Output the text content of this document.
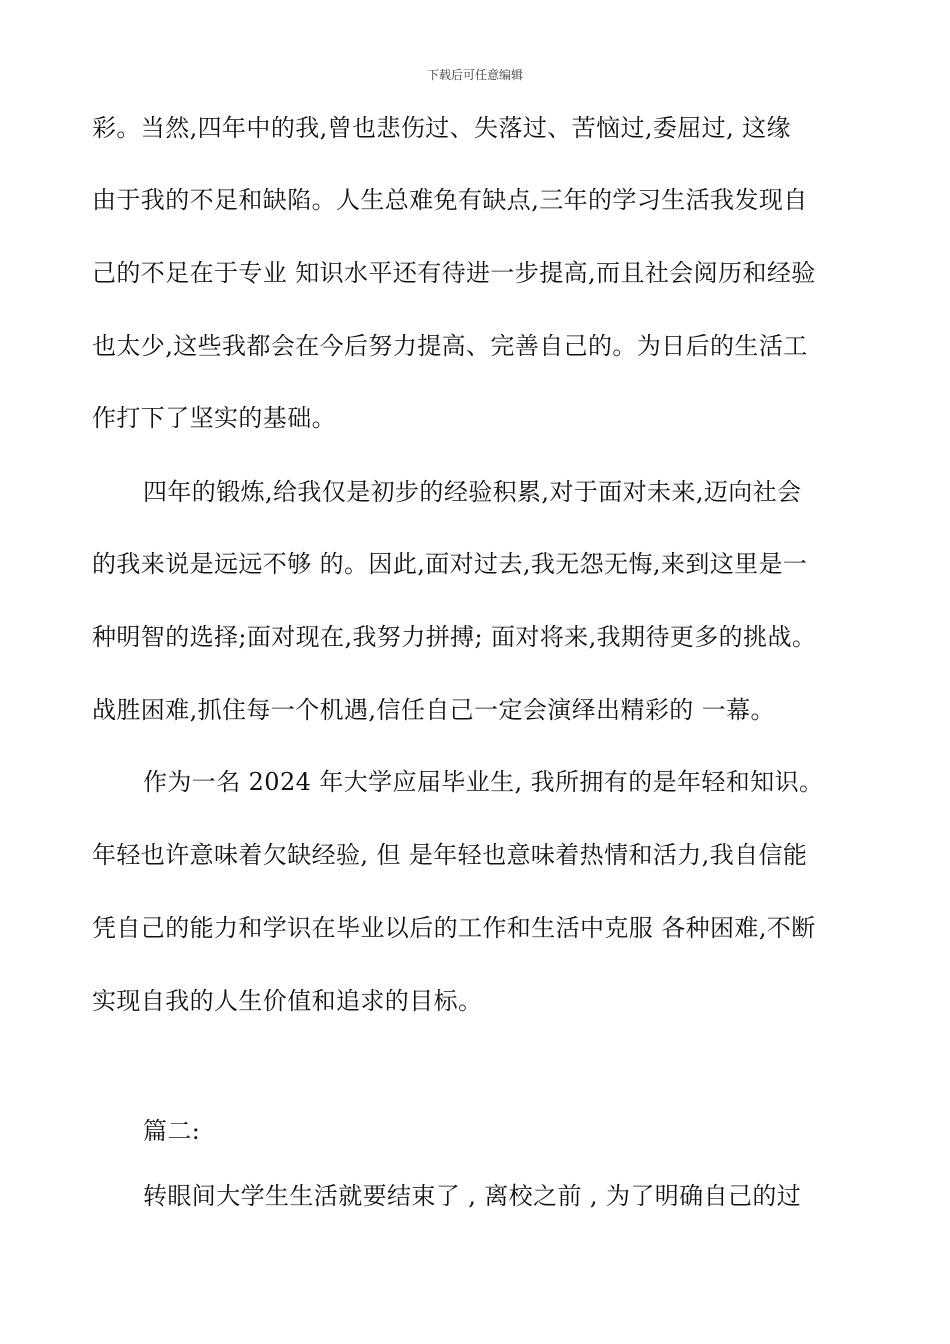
下载后可任意编辑
彩。当然,四年中的我,曾也悲伤过、失落过、苦恼过,委屈过, 这缘
由于我的不足和缺陷。人生总难免有缺点,三年的学习生活我发现自
己的不足在于专业 知识水平还有待进一步提高,而且社会阅历和经验
也太少,这些我都会在今后努力提高、完善自己的。为日后的生活工
作打下了坚实的基础。
四年的锻炼,给我仅是初步的经验积累,对于面对未来,迈向社会
的我来说是远远不够 的。因此,面对过去,我无怨无悔,来到这里是一
种明智的选择;面对现在,我努力拼搏; 面对将来,我期待更多的挑战。
战胜困难,抓住每一个机遇,信任自己一定会演绎出精彩的 一幕。
作为一名 2024 年大学应届毕业生, 我所拥有的是年轻和知识。
年轻也许意味着欠缺经验, 但 是年轻也意味着热情和活力,我自信能
凭自己的能力和学识在毕业以后的工作和生活中克服 各种困难,不断
实现自我的人生价值和追求的目标。
篇二:
转眼间大学生生活就要结束了 , 离校之前 , 为了明确自己的过
